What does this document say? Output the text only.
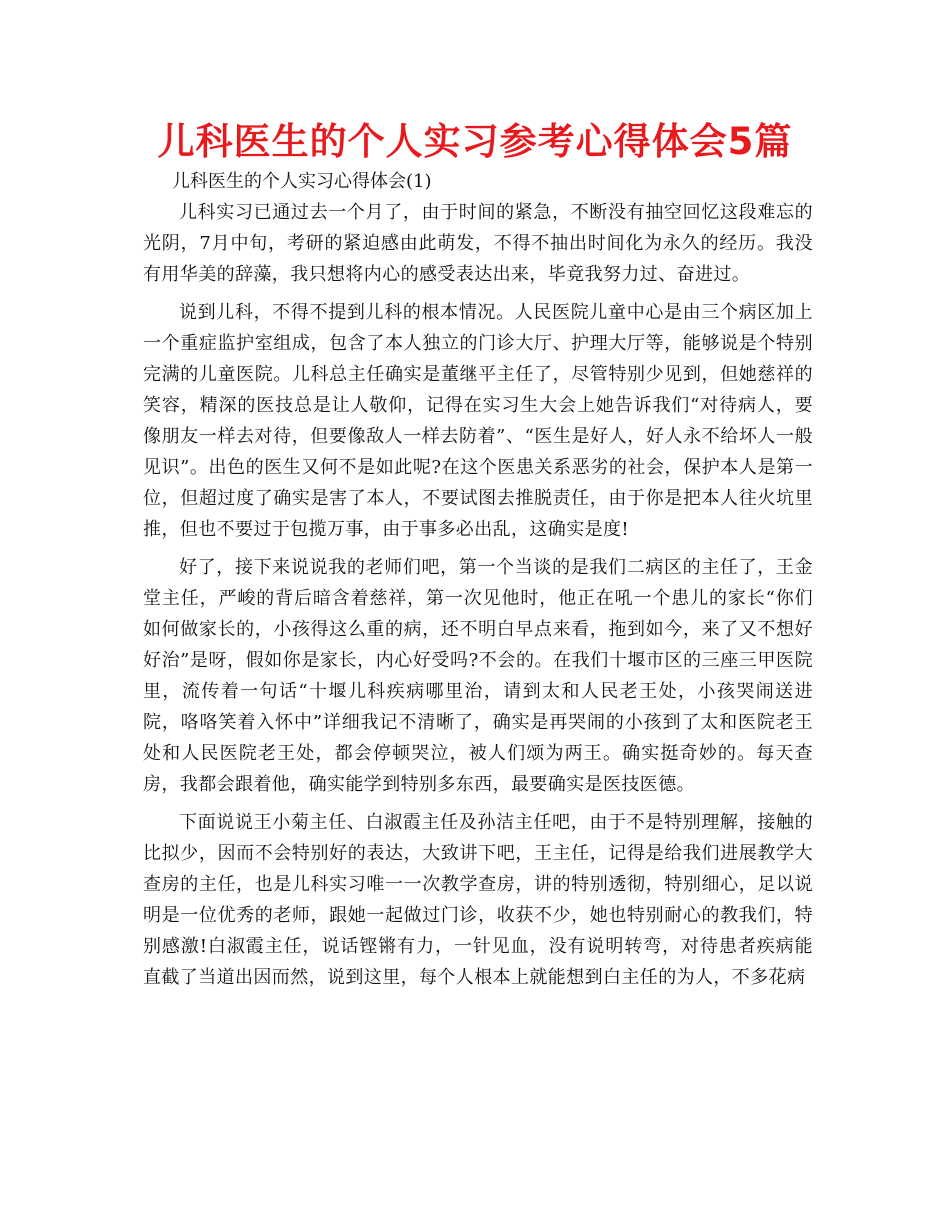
儿科医生的个人实习参考心得体会5篇

儿科医生的个人实习心得体会(1)

儿科实习已通过去一个月了，由于时间的紧急，不断没有抽空回忆这段难忘的光阴，7月中旬，考研的紧迫感由此萌发，不得不抽出时间化为永久的经历。我没有用华美的辞藻，我只想将内心的感受表达出来，毕竟我努力过、奋进过。

说到儿科，不得不提到儿科的根本情况。人民医院儿童中心是由三个病区加上一个重症监护室组成，包含了本人独立的门诊大厅、护理大厅等，能够说是个特别完满的儿童医院。儿科总主任确实是董继平主任了，尽管特别少见到，但她慈祥的笑容，精深的医技总是让人敬仰，记得在实习生大会上她告诉我们“对待病人，要像朋友一样去对待，但要像敌人一样去防着”、“医生是好人，好人永不给坏人一般见识”。出色的医生又何不是如此呢?在这个医患关系恶劣的社会，保护本人是第一位，但超过度了确实是害了本人，不要试图去推脱责任，由于你是把本人往火坑里推，但也不要过于包揽万事，由于事多必出乱，这确实是度!

好了，接下来说说我的老师们吧，第一个当谈的是我们二病区的主任了，王金堂主任，严峻的背后暗含着慈祥，第一次见他时，他正在吼一个患儿的家长“你们如何做家长的，小孩得这么重的病，还不明白早点来看，拖到如今，来了又不想好好治”是呀，假如你是家长，内心好受吗?不会的。在我们十堰市区的三座三甲医院里，流传着一句话“十堰儿科疾病哪里治，请到太和人民老王处，小孩哭闹送进院，咯咯笑着入怀中”详细我记不清晰了，确实是再哭闹的小孩到了太和医院老王处和人民医院老王处，都会停顿哭泣，被人们颂为两王。确实挺奇妙的。每天查房，我都会跟着他，确实能学到特别多东西，最要确实是医技医德。

下面说说王小菊主任、白淑霞主任及孙洁主任吧，由于不是特别理解，接触的比拟少，因而不会特别好的表达，大致讲下吧，王主任，记得是给我们进展教学大查房的主任，也是儿科实习唯一一次教学查房，讲的特别透彻，特别细心，足以说明是一位优秀的老师，跟她一起做过门诊，收获不少，她也特别耐心的教我们，特别感激!白淑霞主任，说话铿锵有力，一针见血，没有说明转弯，对待患者疾病能直截了当道出因而然，说到这里，每个人根本上就能想到白主任的为人，不多花病
